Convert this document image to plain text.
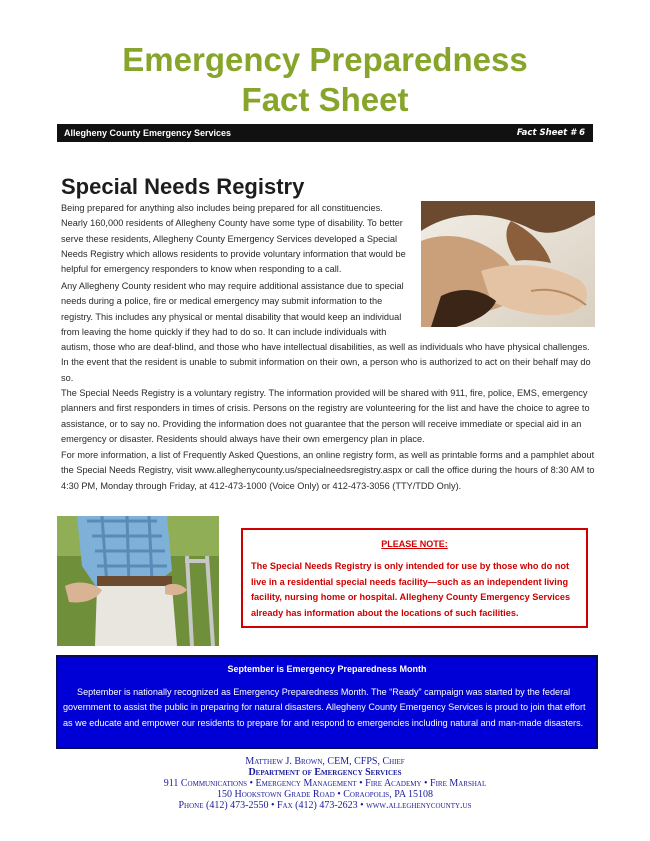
Emergency Preparedness
Fact Sheet
Allegheny County Emergency Services	Fact Sheet # 6
Special Needs Registry
Being prepared for anything also includes being prepared for all constituencies. Nearly 160,000 residents of Allegheny County have some type of disability. To better serve these residents, Allegheny County Emergency Services developed a Special Needs Registry which allows residents to provide voluntary information that would be helpful for emergency responders to know when responding to a call.
Any Allegheny County resident who may require additional assistance due to special needs during a police, fire or medical emergency may submit information to the registry. This includes any physical or mental disability that would keep an individual from leaving the home quickly if they had to do so. It can include individuals with
autism, those who are deaf-blind, and those who have intellectual disabilities, as well as individuals who have physical challenges. In the event that the resident is unable to submit information on their own, a person who is authorized to act on their behalf may do so.
The Special Needs Registry is a voluntary registry. The information provided will be shared with 911, fire, police, EMS, emergency planners and first responders in times of crisis. Persons on the registry are volunteering for the list and have the choice to agree to assistance, or to say no. Providing the information does not guarantee that the person will receive immediate or special aid in an emergency or disaster. Residents should always have their own emergency plan in place.
For more information, a list of Frequently Asked Questions, an online registry form, as well as printable forms and a pamphlet about the Special Needs Registry, visit www.alleghenycounty.us/specialneedsregistry.aspx or call the office during the hours of 8:30 AM to 4:30 PM, Monday through Friday, at 412-473-1000 (Voice Only) or 412-473-3056 (TTY/TDD Only).
PLEASE NOTE:
The Special Needs Registry is only intended for use by those who do not live in a residential special needs facility—such as an independent living facility, nursing home or hospital. Allegheny County Emergency Services already has information about the locations of such facilities.
September is Emergency Preparedness Month
September is nationally recognized as Emergency Preparedness Month. The “Ready” campaign was started by the federal government to assist the public in preparing for natural disasters. Allegheny County Emergency Services is proud to join that effort as we educate and empower our residents to prepare for and respond to emergencies including natural and man-made disasters.
Matthew J. Brown, CEM, CFPS, Chief
Department of Emergency Services
911 Communications • Emergency Management • Fire Academy • Fire Marshal
150 Hookstown Grade Road • Coraopolis, PA 15108
Phone (412) 473-2550 • Fax (412) 473-2623 • www.alleghenycounty.us
